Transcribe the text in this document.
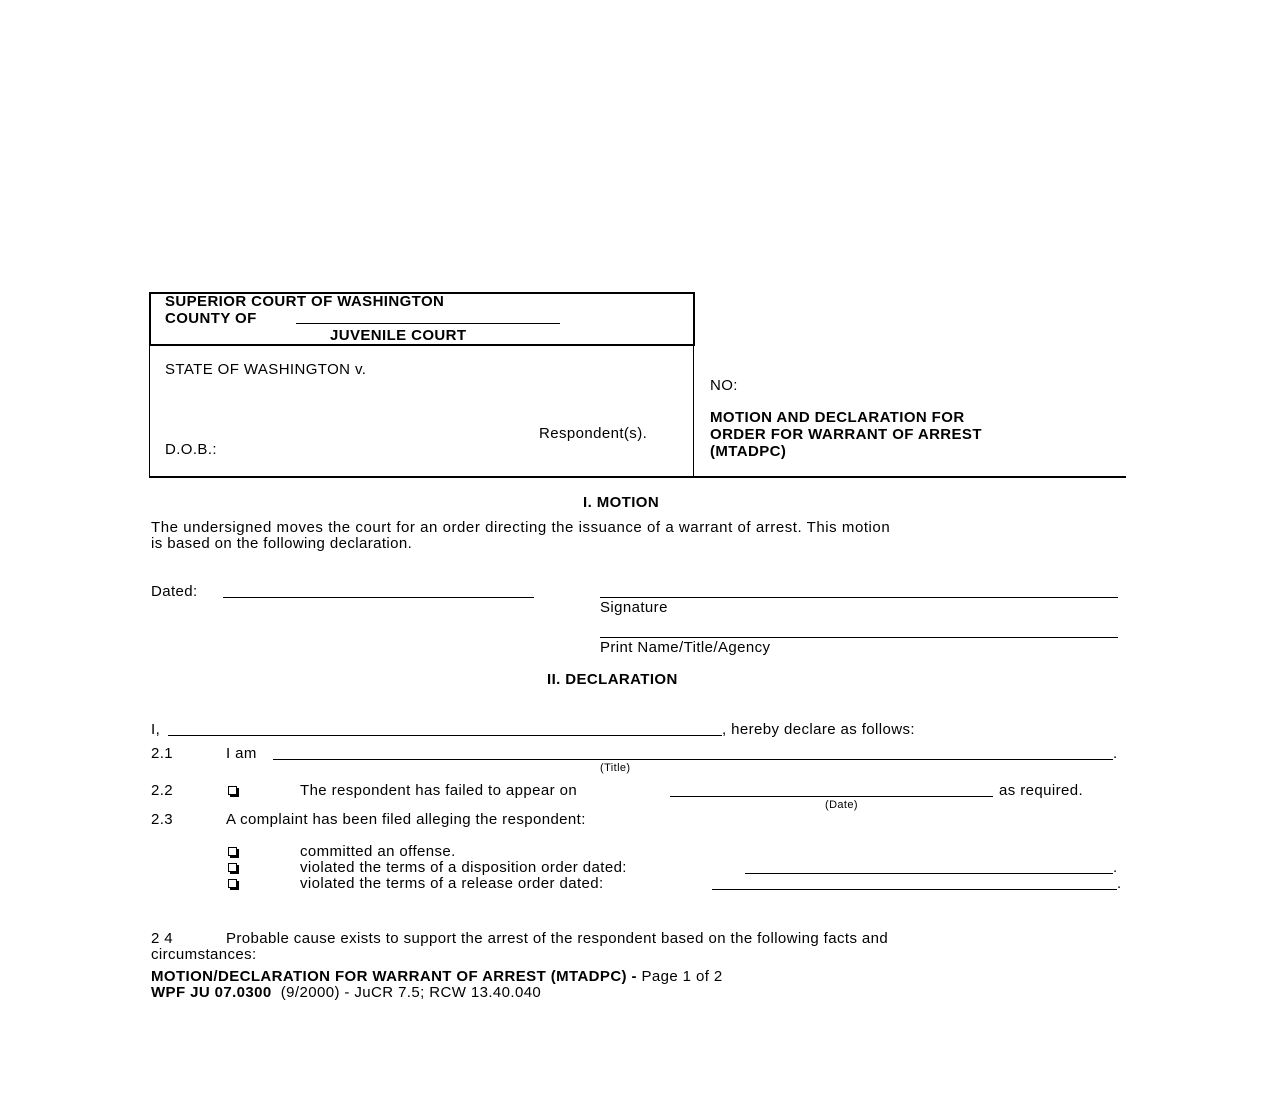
SUPERIOR COURT OF WASHINGTON
COUNTY OF
JUVENILE COURT
STATE OF WASHINGTON v.
Respondent(s).
D.O.B.:
NO:
MOTION AND DECLARATION FOR
ORDER FOR WARRANT OF ARREST
(MTADPC)
I. MOTION
The undersigned moves the court for an order directing the issuance of a warrant of arrest. This motion
is based on the following declaration.
Dated:
Signature
Print Name/Title/Agency
II. DECLARATION
I,	, hereby declare as follows:
2.1	I am	.
(Title)
2.2	The respondent has failed to appear on	as required.
(Date)
2.3	A complaint has been filed alleging the respondent:
committed an offense.
violated the terms of a disposition order dated:	.
violated the terms of a release order dated:	.
2 4	Probable cause exists to support the arrest of the respondent based on the following facts and
circumstances:
MOTION/DECLARATION FOR WARRANT OF ARREST (MTADPC) - Page 1 of 2
WPF JU 07.0300  (9/2000) - JuCR 7.5; RCW 13.40.040
